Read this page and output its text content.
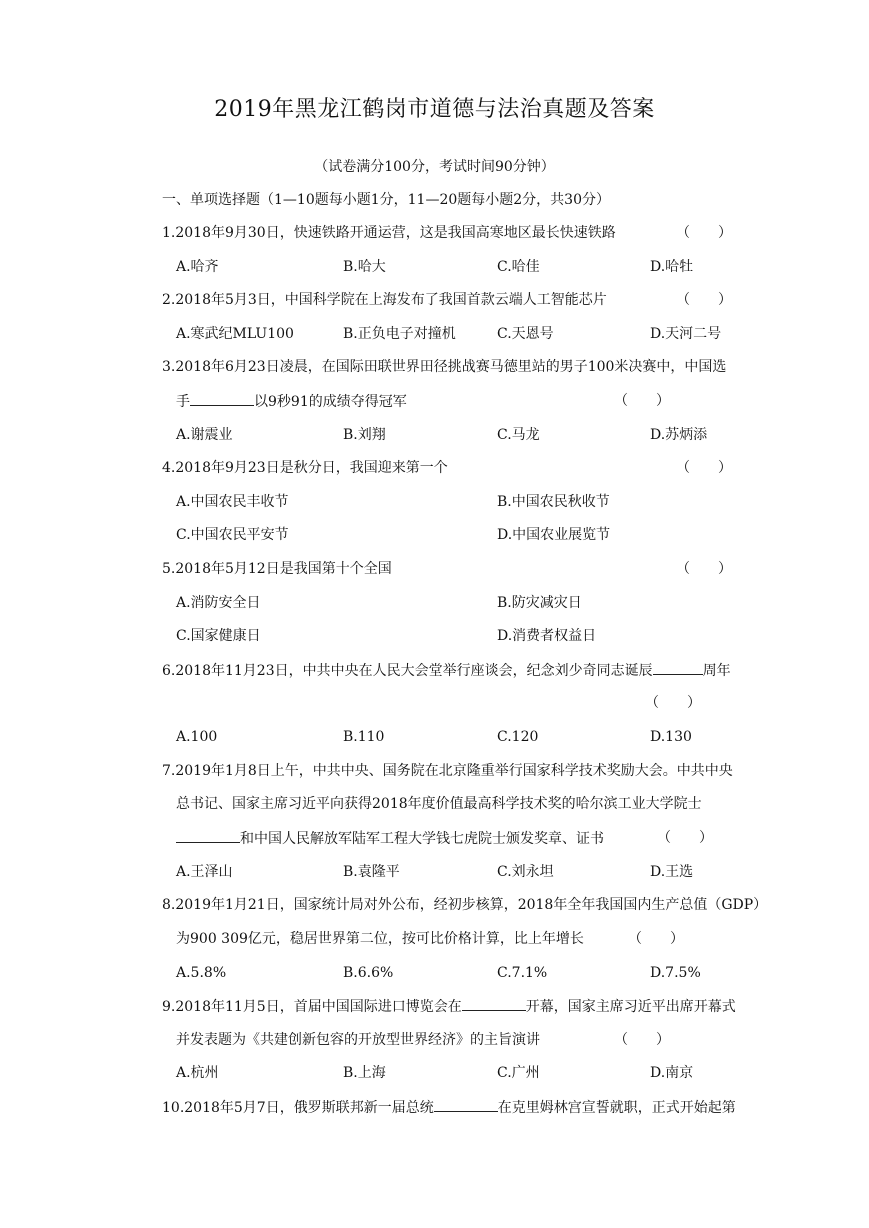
2019年黑龙江鹤岗市道德与法治真题及答案
（试卷满分100分，考试时间90分钟）
一、单项选择题（1—10题每小题1分，11—20题每小题2分，共30分）
1.2018年9月30日，快速铁路开通运营，这是我国高寒地区最长快速铁路	（　　）
A.哈齐	B.哈大	C.哈佳	D.哈牡
2.2018年5月3日，中国科学院在上海发布了我国首款云端人工智能芯片	（　　）
A.寒武纪MLU100	B.正负电子对撞机	C.天恩号	D.天河二号
3.2018年6月23日凌晨，在国际田联世界田径挑战赛马德里站的男子100米决赛中，中国选
手	以9秒91的成绩夺得冠军	（　　）
A.谢震业	B.刘翔	C.马龙	D.苏炳添
4.2018年9月23日是秋分日，我国迎来第一个	（　　）
A.中国农民丰收节	B.中国农民秋收节
C.中国农民平安节	D.中国农业展览节
5.2018年5月12日是我国第十个全国	（　　）
A.消防安全日	B.防灾减灾日
C.国家健康日	D.消费者权益日
6.2018年11月23日，中共中央在人民大会堂举行座谈会，纪念刘少奇同志诞辰	周年
（　　）
A.100	B.110	C.120	D.130
7.2019年1月8日上午，中共中央、国务院在北京隆重举行国家科学技术奖励大会。中共中央
总书记、国家主席习近平向获得2018年度价值最高科学技术奖的哈尔滨工业大学院士
和中国人民解放军陆军工程大学钱七虎院士颁发奖章、证书	（　　）
A.王泽山	B.袁隆平	C.刘永坦	D.王选
8.2019年1月21日，国家统计局对外公布，经初步核算，2018年全年我国国内生产总值（GDP）
为900 309亿元，稳居世界第二位，按可比价格计算，比上年增长	（　　）
A.5.8%	B.6.6%	C.7.1%	D.7.5%
9.2018年11月5日，首届中国国际进口博览会在	开幕，国家主席习近平出席开幕式
并发表题为《共建创新包容的开放型世界经济》的主旨演讲	（　　）
A.杭州	B.上海	C.广州	D.南京
10.2018年5月7日，俄罗斯联邦新一届总统	在克里姆林宫宣誓就职，正式开始起第
